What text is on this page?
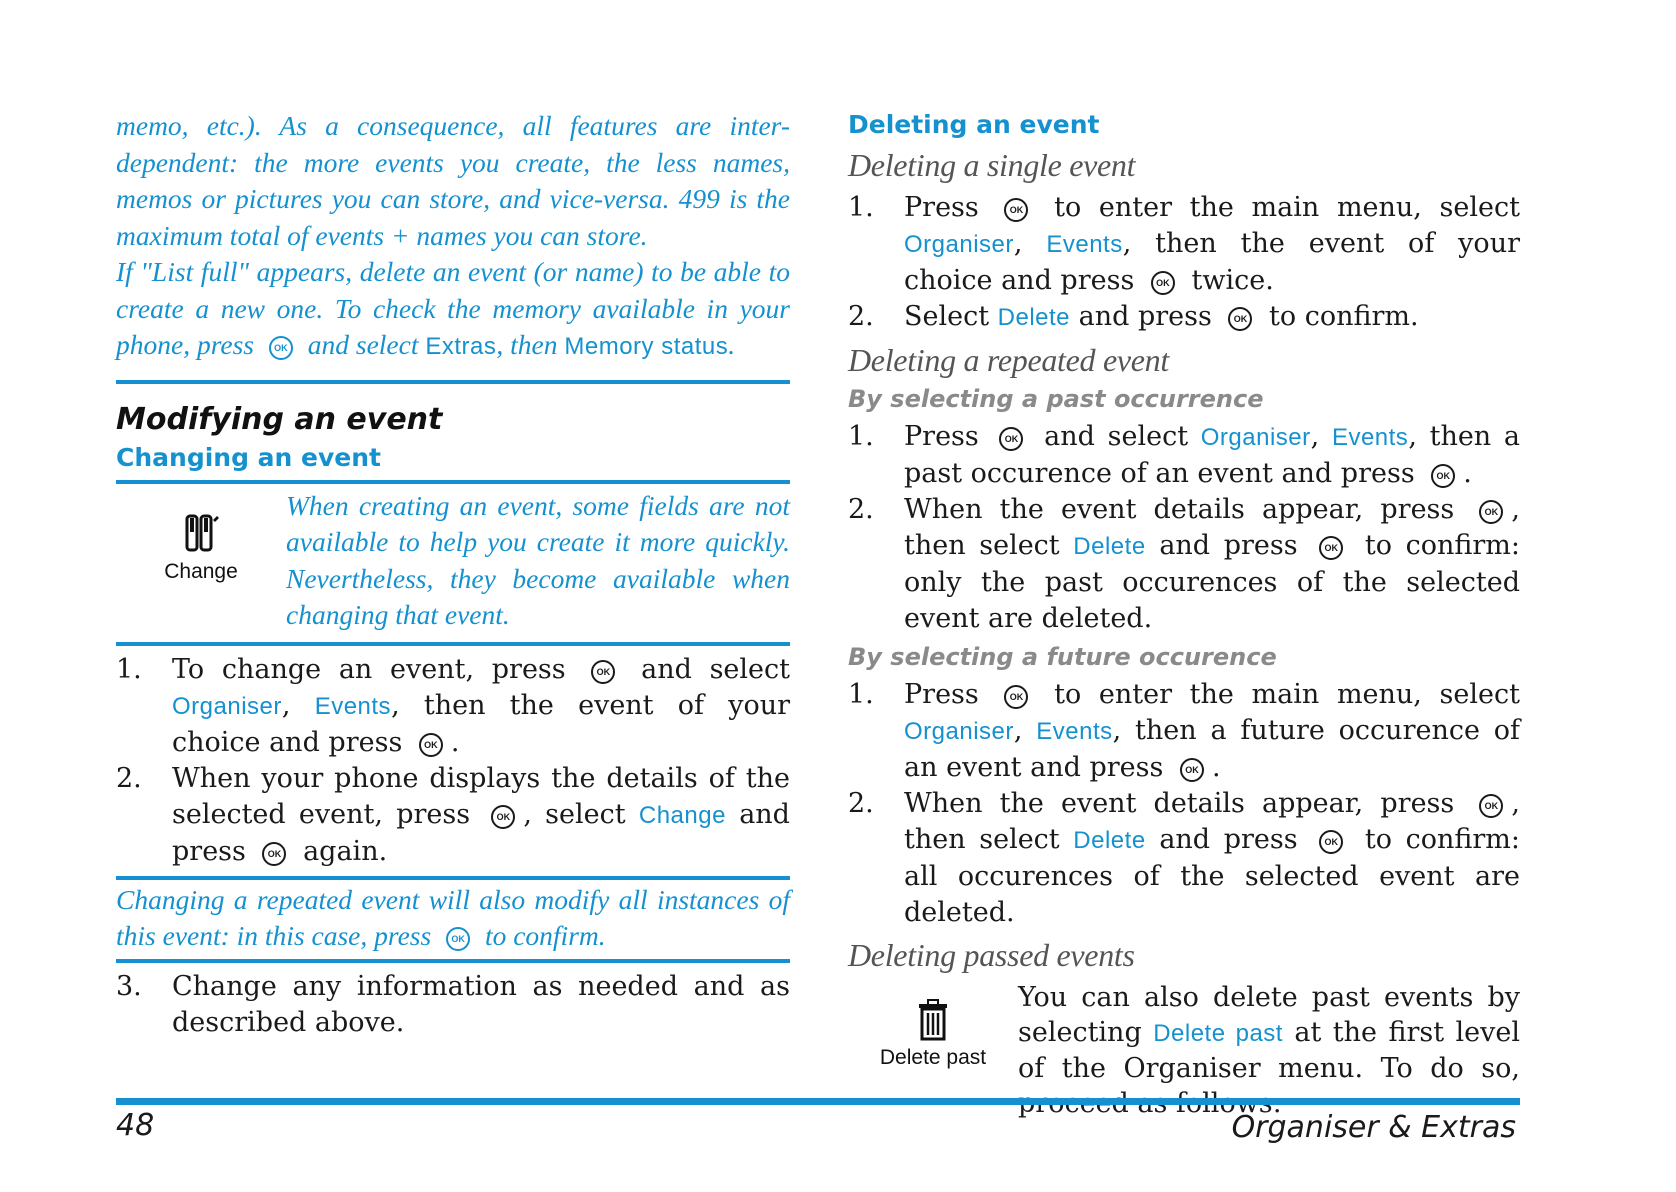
memo, etc.). As a consequence, all features are inter-dependent: the more events you create, the less names, memos or pictures you can store, and vice-versa. 499 is the maximum total of events + names you can store.
If "List full" appears, delete an event (or name) to be able to create a new one. To check the memory available in your phone, press OK and select Extras, then Memory status.
Modifying an event
Changing an event
Change
When creating an event, some fields are not available to help you create it more quickly. Nevertheless, they become available when changing that event.
1.	To change an event, press	OK and select Organiser, Events, then the event of your choice and press OK .
2.	When your phone displays the details of the selected event, press	OK , select Change and press OK again.
Changing a repeated event will also modify all instances of this event: in this case, press OK to confirm.
3.	Change any information as needed and as described above.
Deleting an event
Deleting a single event
1.	Press	OK to enter the main menu, select Organiser, Events, then the event of your choice and press OK twice.
2.	Select Delete and press OK to confirm.
Deleting a repeated event
By selecting a past occurrence
1.	Press	OK and select Organiser, Events, then a past occurence of an event and press OK .
2.	When the event details appear, press	OK , then select Delete and press	OK to confirm: only the past occurences of the selected event are deleted.
By selecting a future occurence
1.	Press	OK to enter the main menu, select Organiser, Events, then a future occurence of an event and press OK .
2.	When the event details appear, press	OK , then select Delete and press	OK to confirm: all occurences of the selected event are deleted.
Deleting passed events
Delete past
You can also delete past events by selecting Delete past at the first level of the Organiser menu. To do so,
48	Organiser & Extras
